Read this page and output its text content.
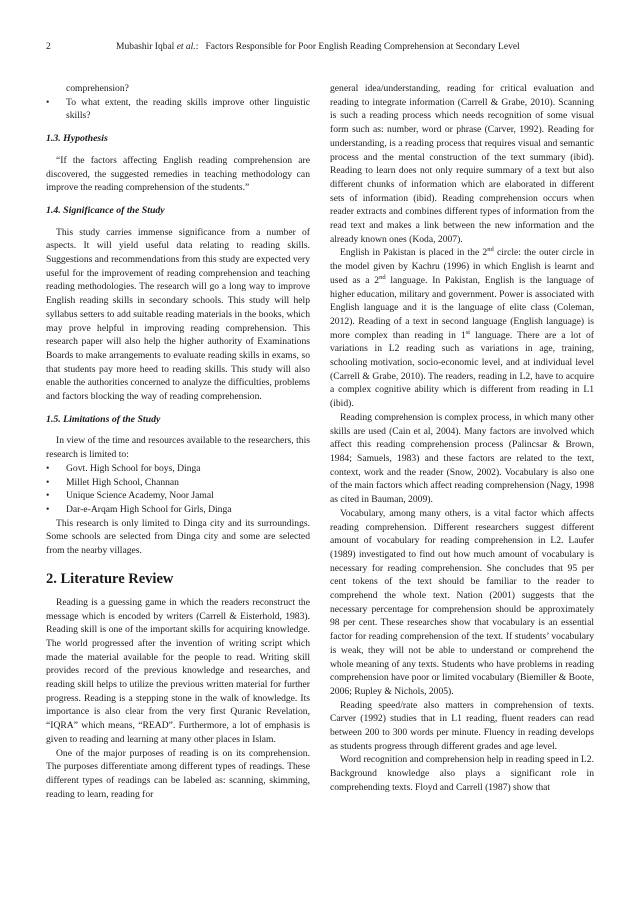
2	Mubashir Iqbal et al.: Factors Responsible for Poor English Reading Comprehension at Secondary Level

comprehension?

• To what extent, the reading skills improve other linguistic skills?

1.3. Hypothesis

“If the factors affecting English reading comprehension are discovered, the suggested remedies in teaching methodology can improve the reading comprehension of the students.”

1.4. Significance of the Study

This study carries immense significance from a number of aspects. It will yield useful data relating to reading skills. Suggestions and recommendations from this study are expected very useful for the improvement of reading comprehension and teaching reading methodologies. The research will go a long way to improve English reading skills in secondary schools. This study will help syllabus setters to add suitable reading materials in the books, which may prove helpful in improving reading comprehension. This research paper will also help the higher authority of Examinations Boards to make arrangements to evaluate reading skills in exams, so that students pay more heed to reading skills. This study will also enable the authorities concerned to analyze the difficulties, problems and factors blocking the way of reading comprehension.

1.5. Limitations of the Study

In view of the time and resources available to the researchers, this research is limited to:

• Govt. High School for boys, Dinga

• Millet High School, Channan

• Unique Science Academy, Noor Jamal

• Dar-e-Arqam High School for Girls, Dinga

This research is only limited to Dinga city and its surroundings. Some schools are selected from Dinga city and some are selected from the nearby villages.

2. Literature Review

Reading is a guessing game in which the readers reconstruct the message which is encoded by writers (Carrell & Eisterhold, 1983). Reading skill is one of the important skills for acquiring knowledge. The world progressed after the invention of writing script which made the material available for the people to read. Writing skill provides record of the previous knowledge and researches, and reading skill helps to utilize the previous written material for further progress. Reading is a stepping stone in the walk of knowledge. Its importance is also clear from the very first Quranic Revelation, “IQRA” which means, “READ”. Furthermore, a lot of emphasis is given to reading and learning at many other places in Islam.

One of the major purposes of reading is on its comprehension. The purposes differentiate among different types of readings. These different types of readings can be labeled as: scanning, skimming, reading to learn, reading for

general idea/understanding, reading for critical evaluation and reading to integrate information (Carrell & Grabe, 2010). Scanning is such a reading process which needs recognition of some visual form such as: number, word or phrase (Carver, 1992). Reading for understanding, is a reading process that requires visual and semantic process and the mental construction of the text summary (ibid). Reading to learn does not only require summary of a text but also different chunks of information which are elaborated in different sets of information (ibid). Reading comprehension occurs when reader extracts and combines different types of information from the read text and makes a link between the new information and the already known ones (Koda, 2007).

English in Pakistan is placed in the 2nd circle: the outer circle in the model given by Kachru (1996) in which English is learnt and used as a 2nd language. In Pakistan, English is the language of higher education, military and government. Power is associated with English language and it is the language of elite class (Coleman, 2012). Reading of a text in second language (English language) is more complex than reading in 1st language. There are a lot of variations in L2 reading such as variations in age, training, schooling motivation, socio-economic level, and at individual level (Carrell & Grabe, 2010). The readers, reading in L2, have to acquire a complex cognitive ability which is different from reading in L1 (ibid).

Reading comprehension is complex process, in which many other skills are used (Cain et al, 2004). Many factors are involved which affect this reading comprehension process (Palincsar & Brown, 1984; Samuels, 1983) and these factors are related to the text, context, work and the reader (Snow, 2002). Vocabulary is also one of the main factors which affect reading comprehension (Nagy, 1998 as cited in Bauman, 2009).

Vocabulary, among many others, is a vital factor which affects reading comprehension. Different researchers suggest different amount of vocabulary for reading comprehension in L2. Laufer (1989) investigated to find out how much amount of vocabulary is necessary for reading comprehension. She concludes that 95 per cent tokens of the text should be familiar to the reader to comprehend the whole text. Nation (2001) suggests that the necessary percentage for comprehension should be approximately 98 per cent. These researches show that vocabulary is an essential factor for reading comprehension of the text. If students’ vocabulary is weak, they will not be able to understand or comprehend the whole meaning of any texts. Students who have problems in reading comprehension have poor or limited vocabulary (Biemiller & Boote, 2006; Rupley & Nichols, 2005).

Reading speed/rate also matters in comprehension of texts. Carver (1992) studies that in L1 reading, fluent readers can read between 200 to 300 words per minute. Fluency in reading develops as students progress through different grades and age level.

Word recognition and comprehension help in reading speed in L2. Background knowledge also plays a significant role in comprehending texts. Floyd and Carrell (1987) show that
